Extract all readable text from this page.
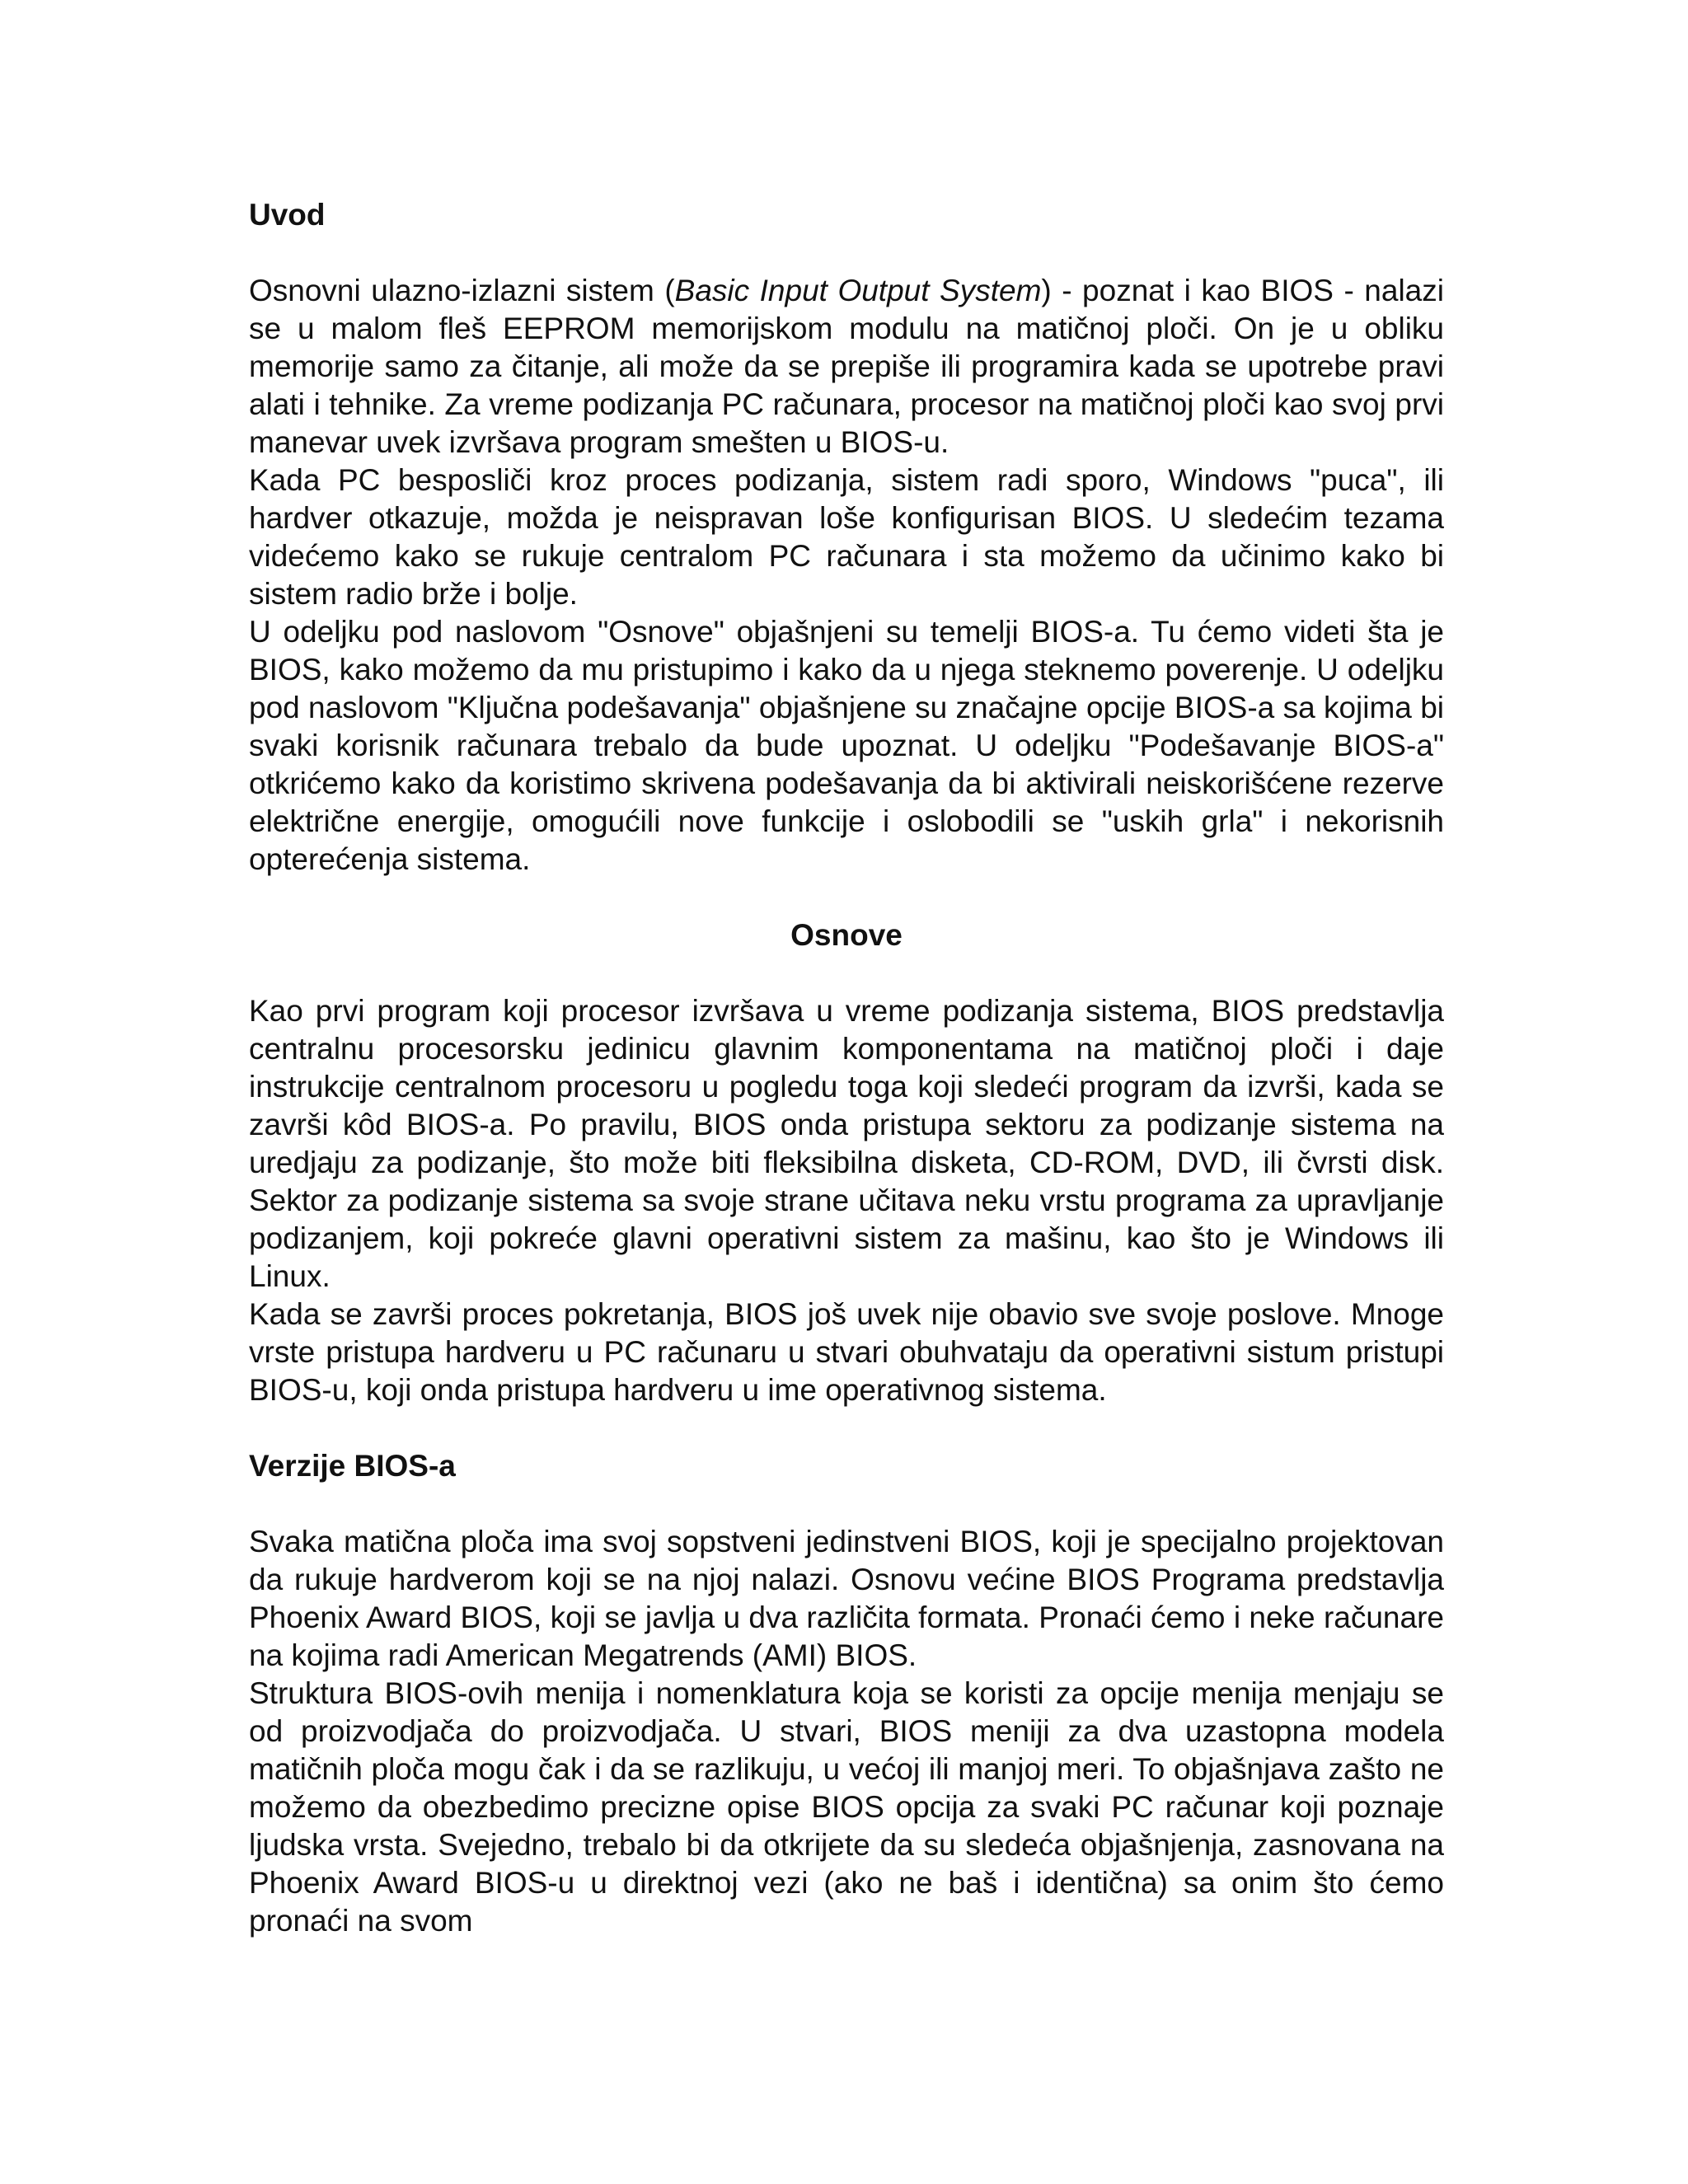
Uvod

Osnovni ulazno-izlazni sistem (Basic Input Output System) - poznat i kao BIOS - nalazi se u malom fleš EEPROM memorijskom modulu na matičnoj ploči. On je u obliku memorije samo za čitanje, ali može da se prepiše ili programira kada se upotrebe pravi alati i tehnike. Za vreme podizanja PC računara, procesor na matičnoj ploči kao svoj prvi manevar uvek izvršava program smešten u BIOS-u.

Kada PC besposliči kroz proces podizanja, sistem radi sporo, Windows "puca", ili hardver otkazuje, možda je neispravan loše konfigurisan BIOS. U sledećim tezama videćemo kako se rukuje centralom PC računara i sta možemo da učinimo kako bi sistem radio brže i bolje.

U odeljku pod naslovom "Osnove" objašnjeni su temelji BIOS-a. Tu ćemo videti šta je BIOS, kako možemo da mu pristupimo i kako da u njega steknemo poverenje. U odeljku pod naslovom "Ključna podešavanja" objašnjene su značajne opcije BIOS-a sa kojima bi svaki korisnik računara trebalo da bude upoznat. U odeljku "Podešavanje BIOS-a" otkrićemo kako da koristimo skrivena podešavanja da bi aktivirali neiskorišćene rezerve električne energije, omogućili nove funkcije i oslobodili se "uskih grla" i nekorisnih opterećenja sistema.

Osnove

Kao prvi program koji procesor izvršava u vreme podizanja sistema, BIOS predstavlja centralnu procesorsku jedinicu glavnim komponentama na matičnoj ploči i daje instrukcije centralnom procesoru u pogledu toga koji sledeći program da izvrši, kada se završi kôd BIOS-a. Po pravilu, BIOS onda pristupa sektoru za podizanje sistema na uredjaju za podizanje, što može biti fleksibilna disketa, CD-ROM, DVD, ili čvrsti disk. Sektor za podizanje sistema sa svoje strane učitava neku vrstu programa za upravljanje podizanjem, koji pokreće glavni operativni sistem za mašinu, kao što je Windows ili Linux.

Kada se završi proces pokretanja, BIOS još uvek nije obavio sve svoje poslove. Mnoge vrste pristupa hardveru u PC računaru u stvari obuhvataju da operativni sistum pristupi BIOS-u, koji onda pristupa hardveru u ime operativnog sistema.

Verzije BIOS-a

Svaka matična ploča ima svoj sopstveni jedinstveni BIOS, koji je specijalno projektovan da rukuje hardverom koji se na njoj nalazi. Osnovu većine BIOS Programa predstavlja Phoenix Award BIOS, koji se javlja u dva različita formata. Pronaći ćemo i neke računare na kojima radi American Megatrends (AMI) BIOS.

Struktura BIOS-ovih menija i nomenklatura koja se koristi za opcije menija menjaju se od proizvodjača do proizvodjača. U stvari, BIOS meniji za dva uzastopna modela matičnih ploča mogu čak i da se razlikuju, u većoj ili manjoj meri. To objašnjava zašto ne možemo da obezbedimo precizne opise BIOS opcija za svaki PC računar koji poznaje ljudska vrsta. Svejedno, trebalo bi da otkrijete da su sledeća objašnjenja, zasnovana na Phoenix Award BIOS-u u direktnoj vezi (ako ne baš i identična) sa onim što ćemo pronaći na svom
